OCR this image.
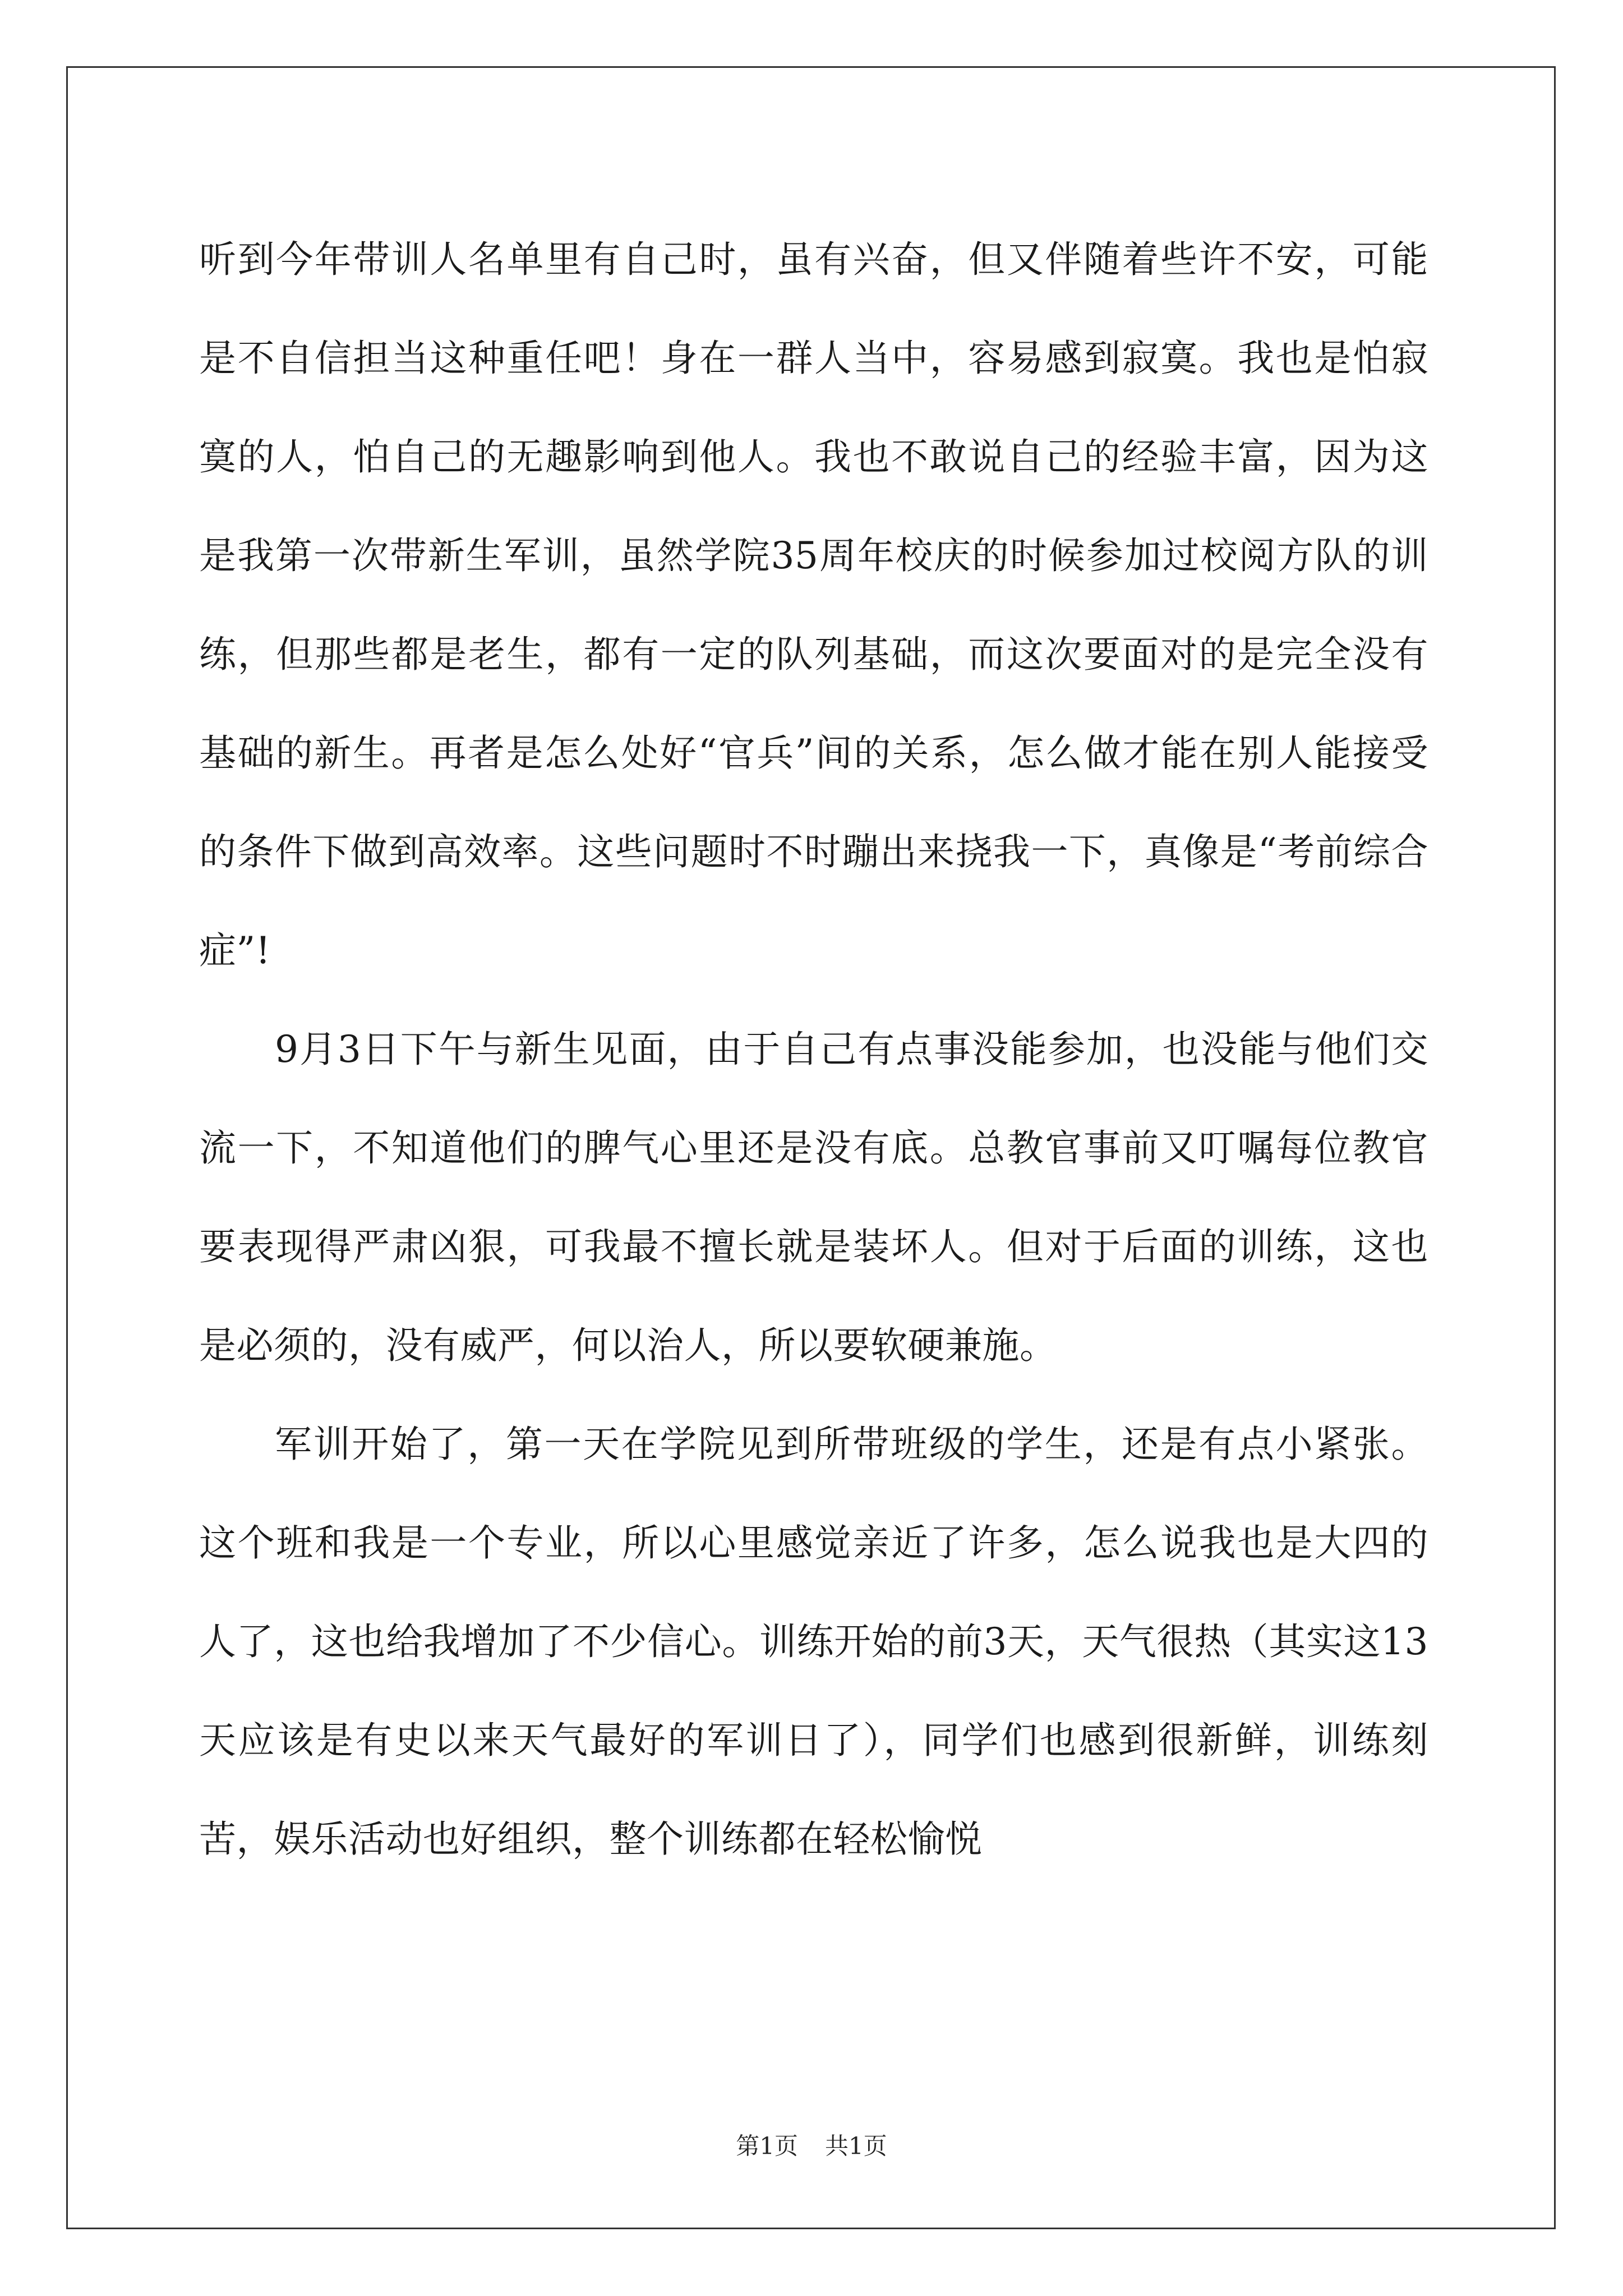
听到今年带训人名单里有自己时，虽有兴奋，但又伴随着些许不安，可能是不自信担当这种重任吧！身在一群人当中，容易感到寂寞。我也是怕寂寞的人，怕自己的无趣影响到他人。我也不敢说自己的经验丰富，因为这是我第一次带新生军训，虽然学院35周年校庆的时候参加过校阅方队的训练，但那些都是老生，都有一定的队列基础，而这次要面对的是完全没有基础的新生。再者是怎么处好“官兵”间的关系，怎么做才能在别人能接受的条件下做到高效率。这些问题时不时蹦出来挠我一下，真像是“考前综合症”!

9月3日下午与新生见面，由于自己有点事没能参加，也没能与他们交流一下，不知道他们的脾气心里还是没有底。总教官事前又叮嘱每位教官要表现得严肃凶狠，可我最不擅长就是装坏人。但对于后面的训练，这也是必须的，没有威严，何以治人，所以要软硬兼施。

军训开始了，第一天在学院见到所带班级的学生，还是有点小紧张。这个班和我是一个专业，所以心里感觉亲近了许多，怎么说我也是大四的人了，这也给我增加了不少信心。训练开始的前3天，天气很热（其实这13天应该是有史以来天气最好的军训日了），同学们也感到很新鲜，训练刻苦，娱乐活动也好组织，整个训练都在轻松愉悦

第1页 共1页
